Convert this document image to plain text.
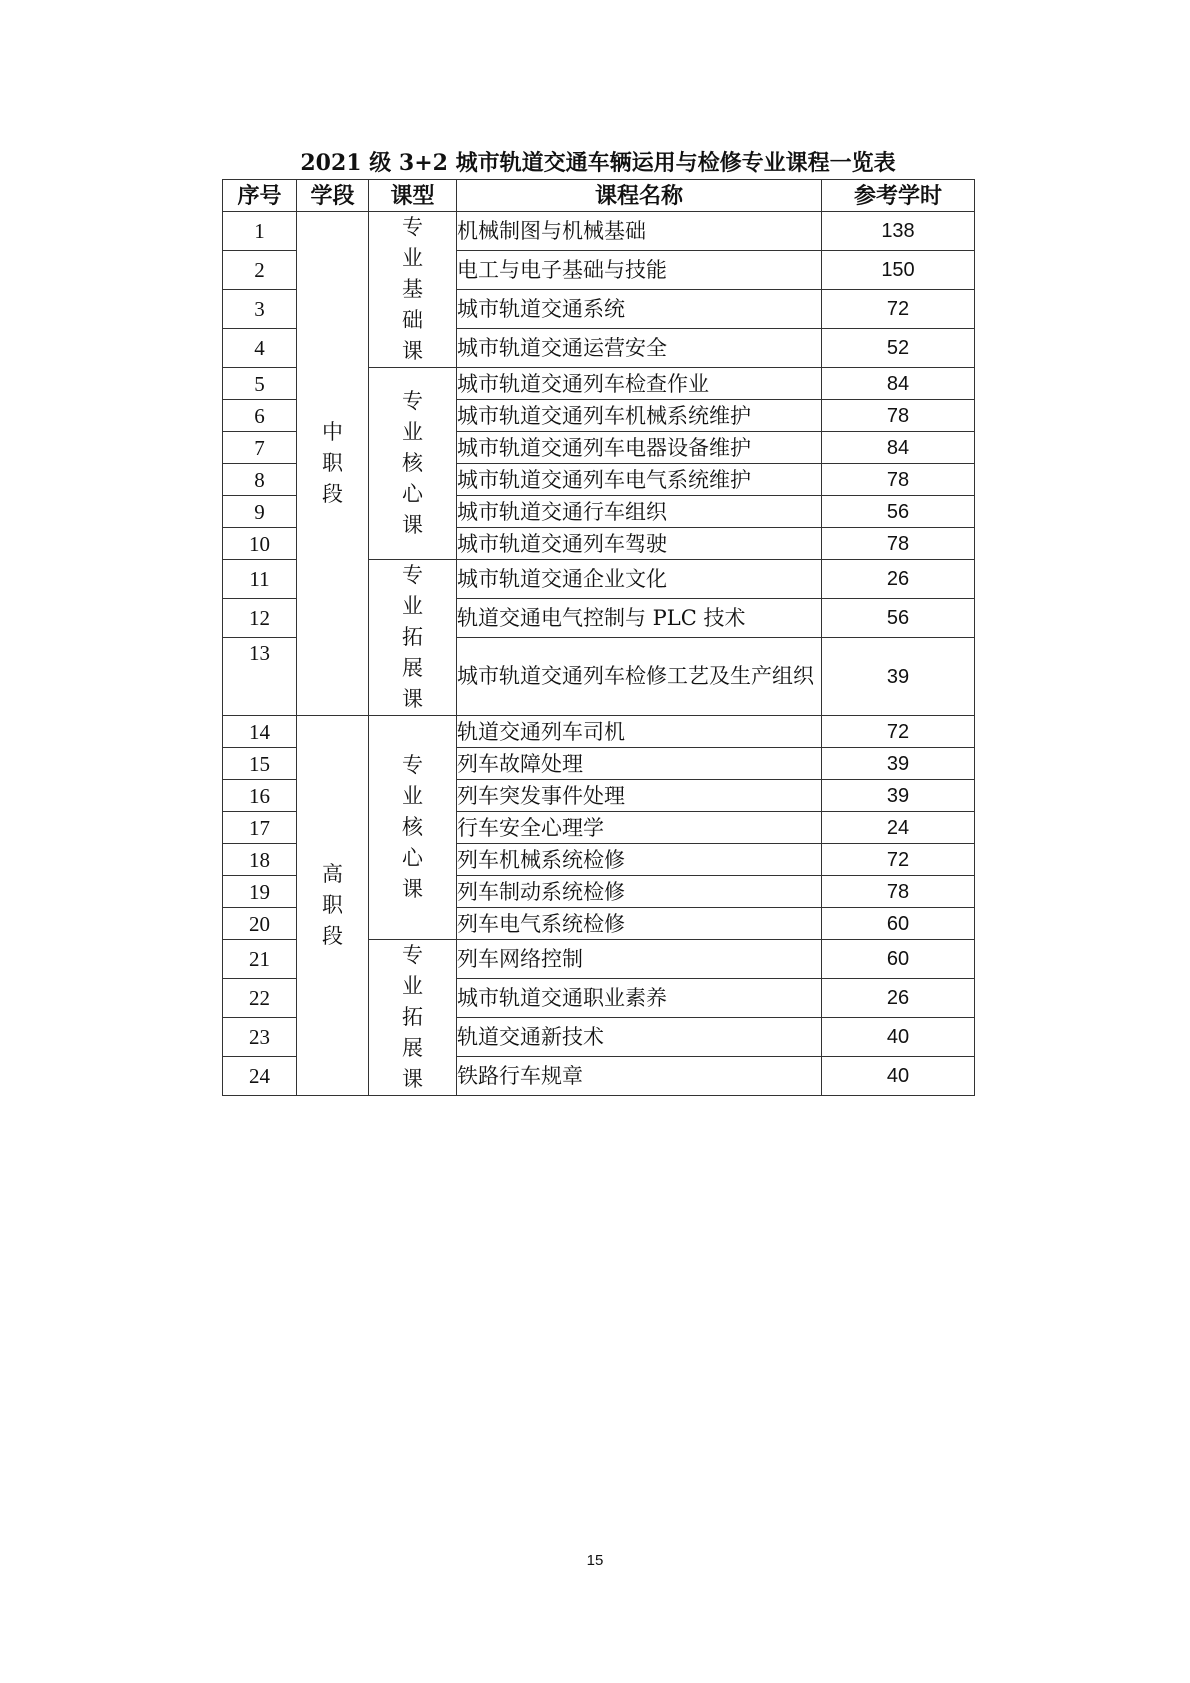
2021 级 3+2 城市轨道交通车辆运用与检修专业课程一览表
序号	学段	课型	课程名称	参考学时
1	中职段	专业基础课	机械制图与机械基础	138
2			电工与电子基础与技能	150
3			城市轨道交通系统	72
4			城市轨道交通运营安全	52
5		专业核心课	城市轨道交通列车检查作业	84
6			城市轨道交通列车机械系统维护	78
7			城市轨道交通列车电器设备维护	84
8			城市轨道交通列车电气系统维护	78
9			城市轨道交通行车组织	56
10			城市轨道交通列车驾驶	78
11		专业拓展课	城市轨道交通企业文化	26
12			轨道交通电气控制与 PLC 技术	56
13			城市轨道交通列车检修工艺及生产组织	39
14	高职段	专业核心课	轨道交通列车司机	72
15			列车故障处理	39
16			列车突发事件处理	39
17			行车安全心理学	24
18			列车机械系统检修	72
19			列车制动系统检修	78
20			列车电气系统检修	60
21		专业拓展课	列车网络控制	60
22			城市轨道交通职业素养	26
23			轨道交通新技术	40
24			铁路行车规章	40
15
